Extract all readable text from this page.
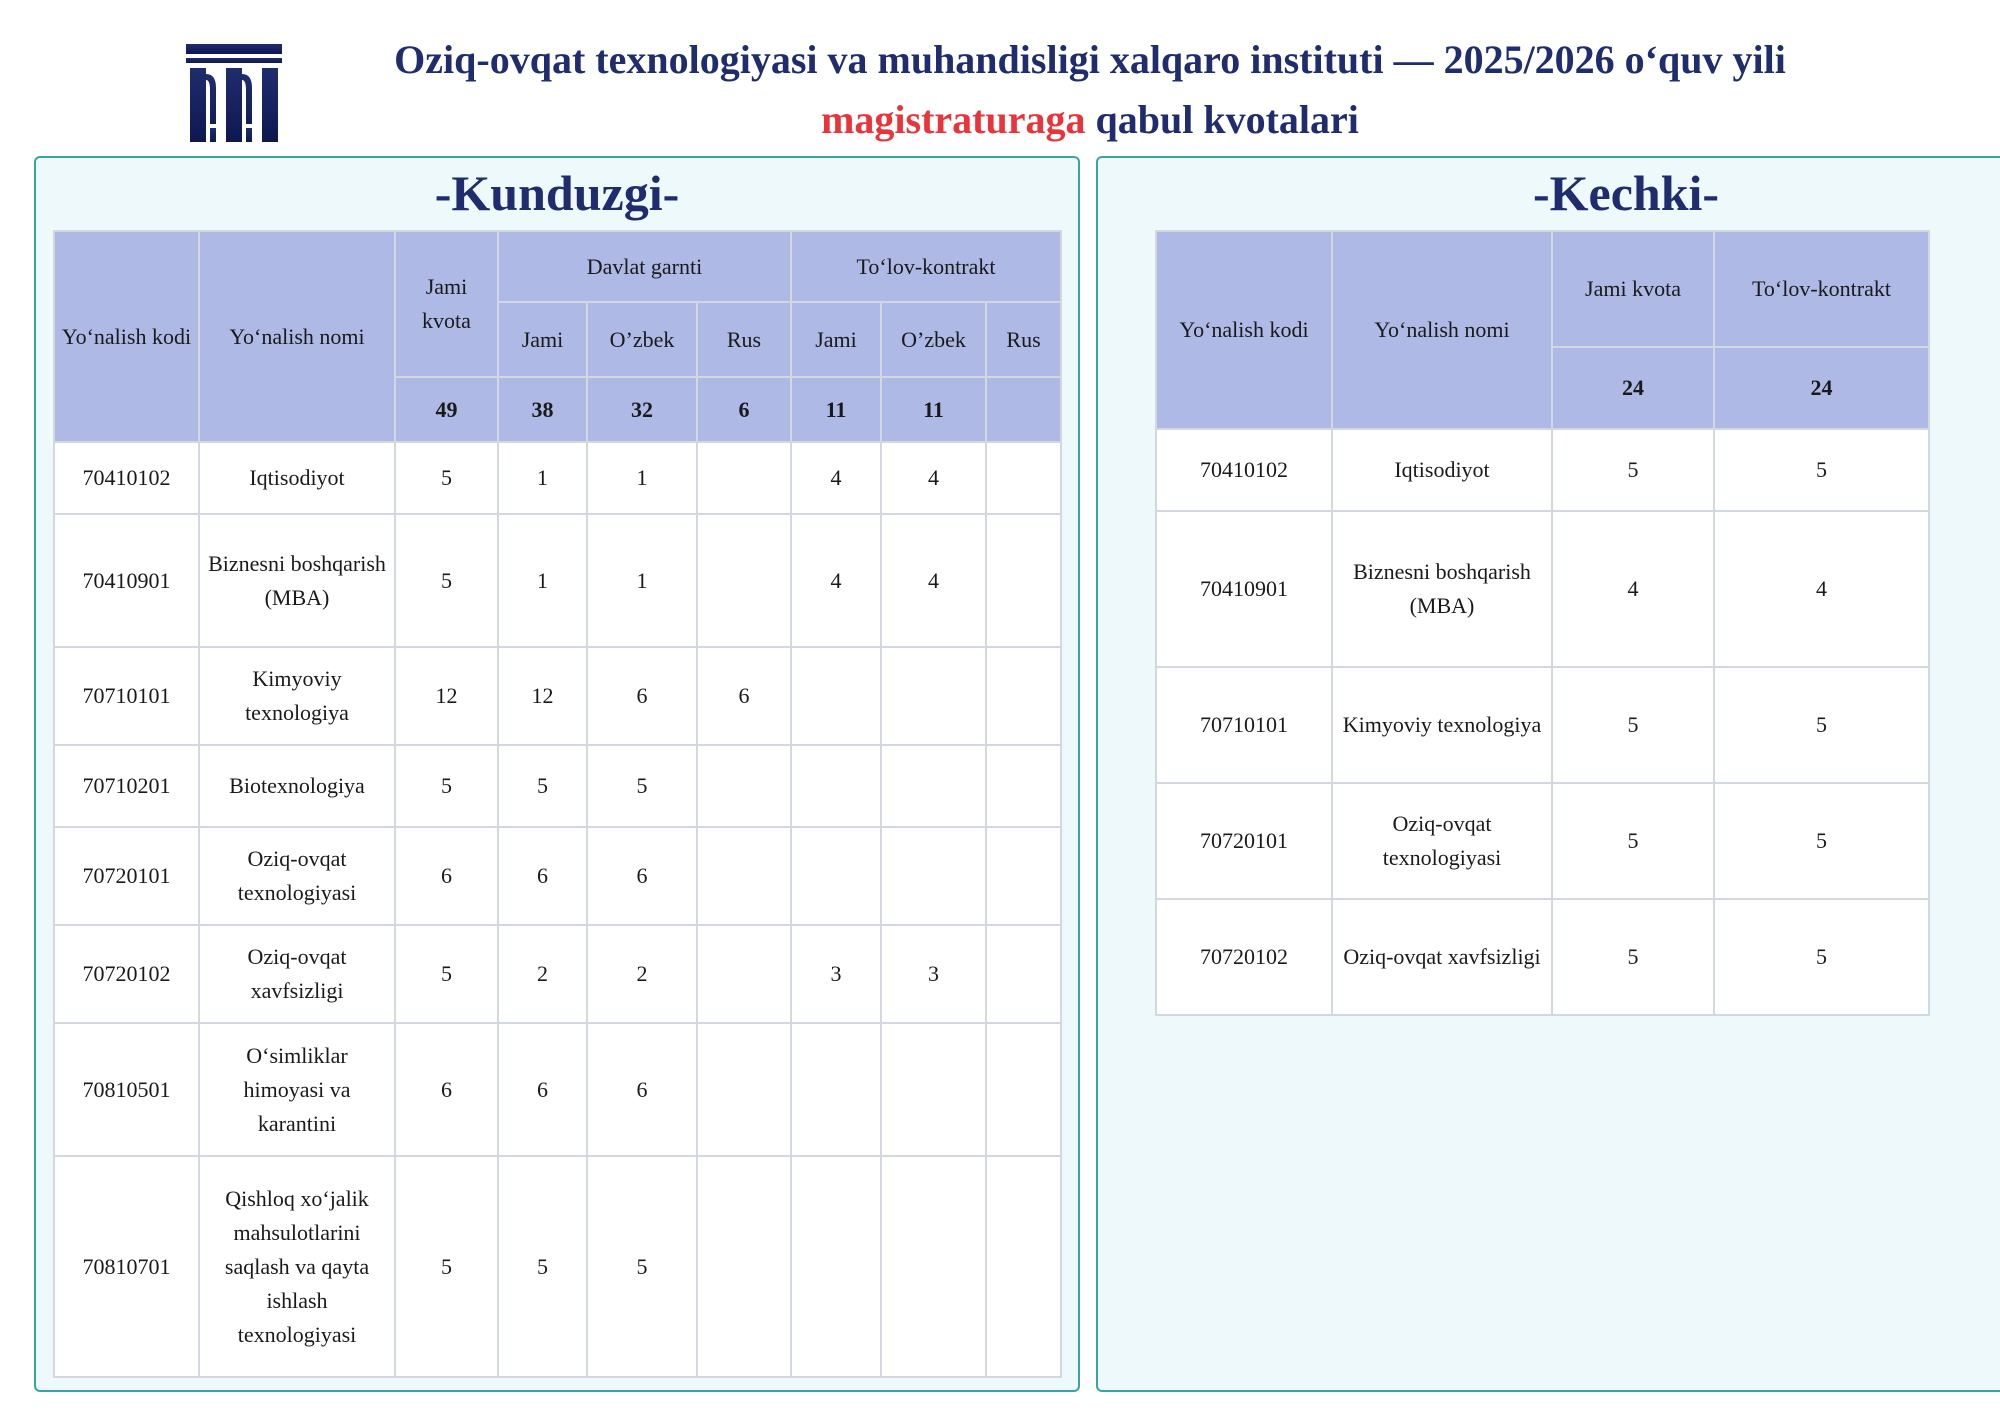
Oziq-ovqat texnologiyasi va muhandisligi xalqaro instituti — 2025/2026 o‘quv yili
magistraturaga qabul kvotalari
-Kunduzgi-
Yo‘nalish kodi	Yo‘nalish nomi	Jami kvota	Davlat garnti			To‘lov-kontrakt		
			Jami	O’zbek	Rus	Jami	O’zbek	Rus
		49	38	32	6	11	11	
70410102	Iqtisodiyot	5	1	1		4	4	
70410901	Biznesni boshqarish (MBA)	5	1	1		4	4	
70710101	Kimyoviy texnologiya	12	12	6	6			
70710201	Biotexnologiya	5	5	5				
70720101	Oziq-ovqat texnologiyasi	6	6	6				
70720102	Oziq-ovqat xavfsizligi	5	2	2		3	3	
70810501	O‘simliklar himoyasi va karantini	6	6	6				
70810701	Qishloq xo‘jalik mahsulotlarini saqlash va qayta ishlash texnologiyasi	5	5	5				
-Kechki-
Yo‘nalish kodi	Yo‘nalish nomi	Jami kvota	To‘lov-kontrakt
		24	24
70410102	Iqtisodiyot	5	5
70410901	Biznesni boshqarish (MBA)	4	4
70710101	Kimyoviy texnologiya	5	5
70720101	Oziq-ovqat texnologiyasi	5	5
70720102	Oziq-ovqat xavfsizligi	5	5
